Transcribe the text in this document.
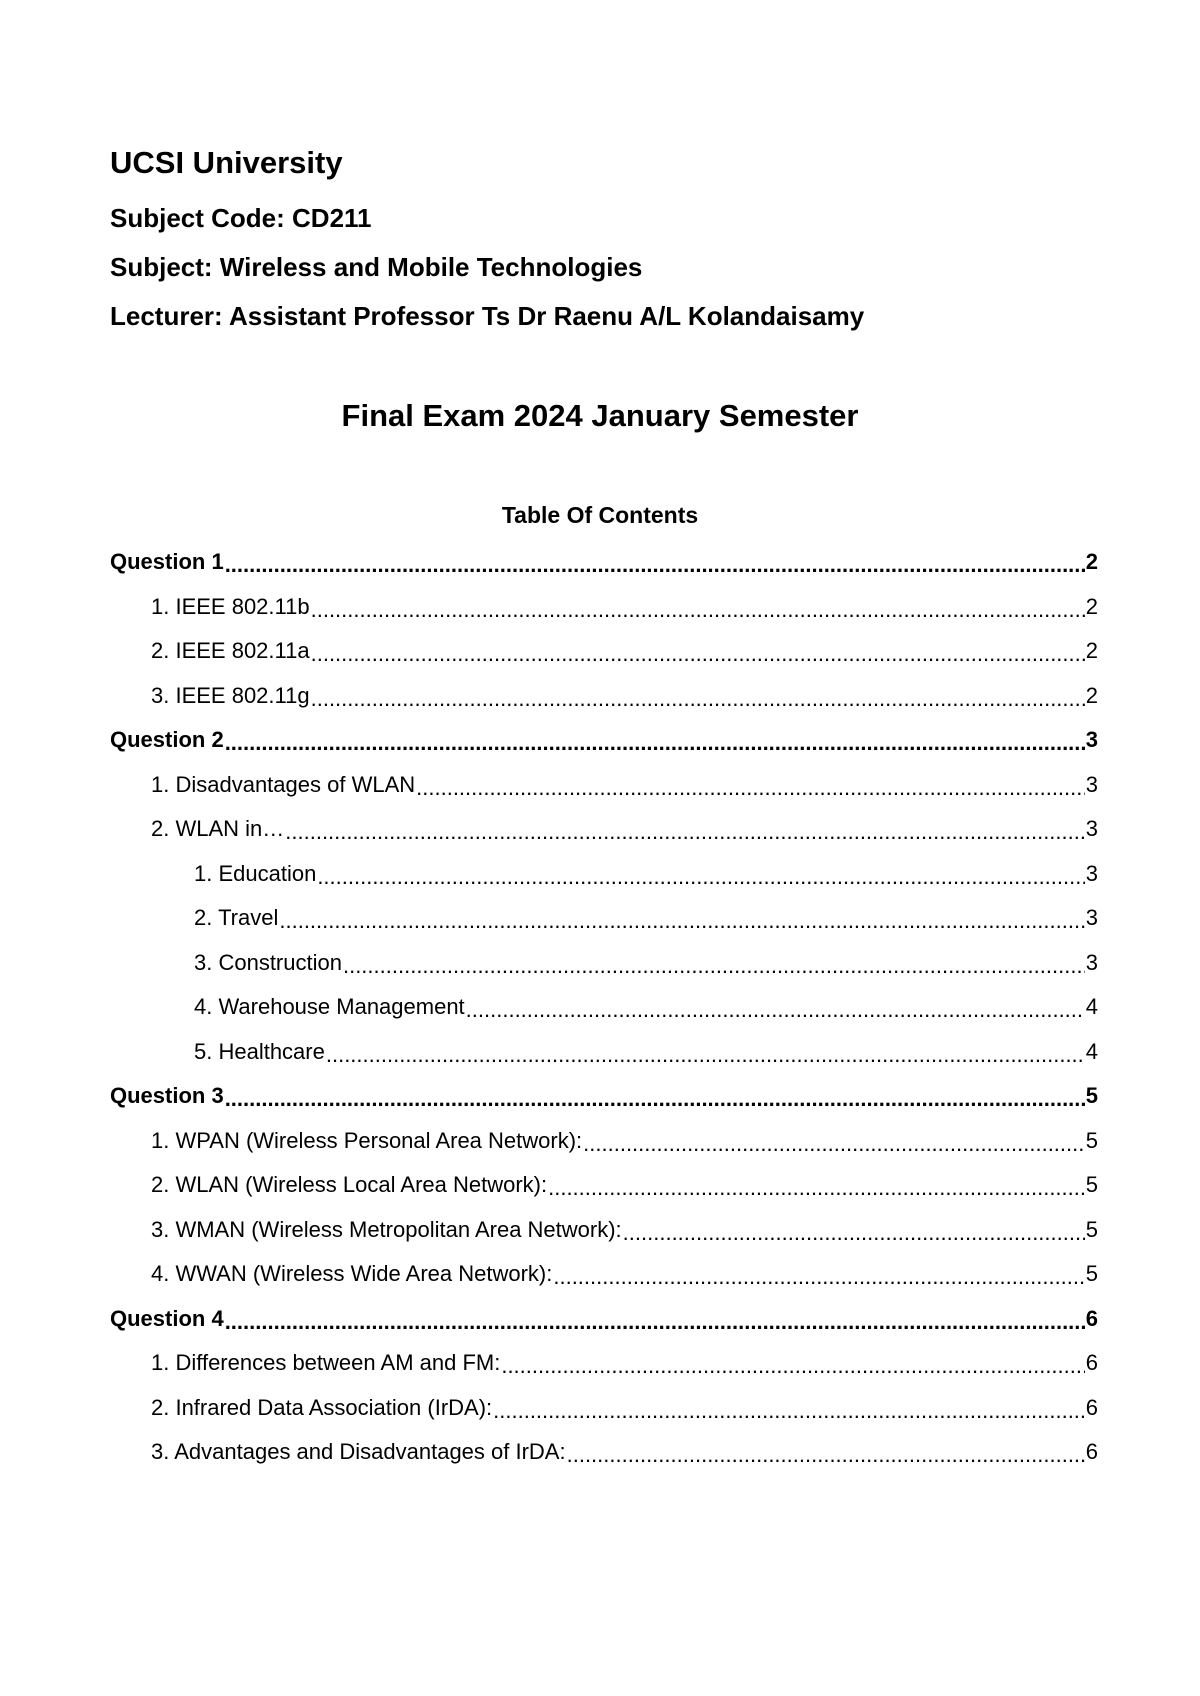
UCSI University
Subject Code: CD211
Subject: Wireless and Mobile Technologies
Lecturer: Assistant Professor Ts Dr Raenu A/L Kolandaisamy
Final Exam 2024 January Semester
Table Of Contents
Question 1 .....	2
1. IEEE 802.11b .....	2
2. IEEE 802.11a .....	2
3. IEEE 802.11g .....	2
Question 2 .....	3
1. Disadvantages of WLAN .....	3
2. WLAN in… .....	3
1. Education .....	3
2. Travel .....	3
3. Construction .....	3
4. Warehouse Management .....	4
5. Healthcare .....	4
Question 3 .....	5
1. WPAN (Wireless Personal Area Network): .....	5
2. WLAN (Wireless Local Area Network): .....	5
3. WMAN (Wireless Metropolitan Area Network): .....	5
4. WWAN (Wireless Wide Area Network): .....	5
Question 4 .....	6
1. Differences between AM and FM: .....	6
2. Infrared Data Association (IrDA): .....	6
3. Advantages and Disadvantages of IrDA: .....	6
